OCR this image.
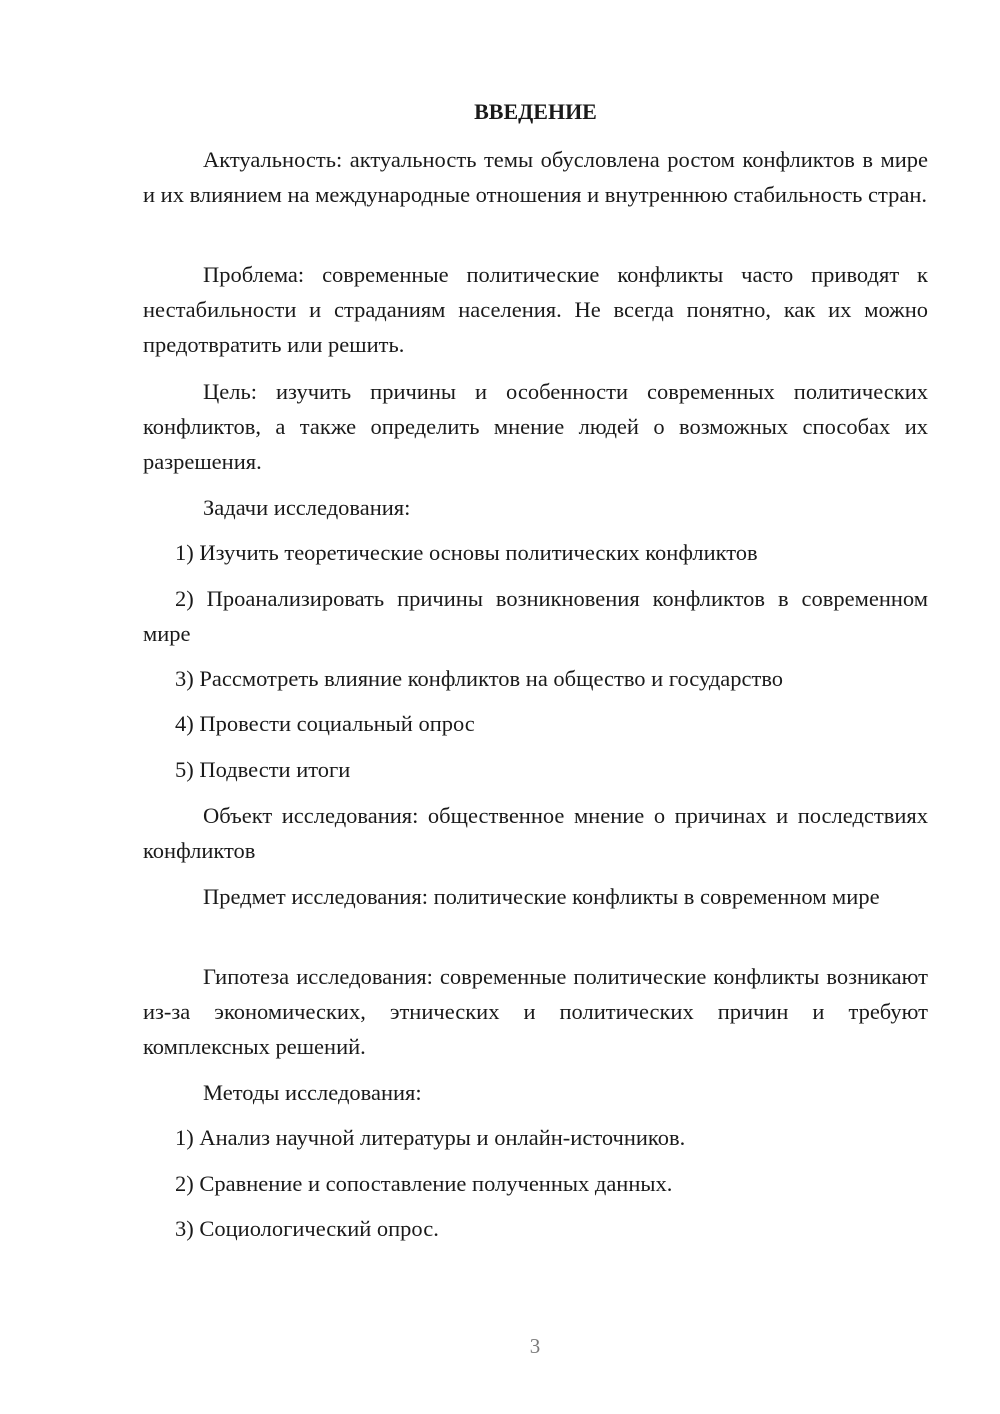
ВВЕДЕНИЕ

Актуальность: актуальность темы обусловлена ростом конфликтов в мире и их влиянием на международные отношения и внутреннюю стабильность стран.

Проблема: современные политические конфликты часто приводят к нестабильности и страданиям населения. Не всегда понятно, как их можно предотвратить или решить.

Цель: изучить причины и особенности современных политических конфликтов, а также определить мнение людей о возможных способах их разрешения.

Задачи исследования:

1) Изучить теоретические основы политических конфликтов

2) Проанализировать причины возникновения конфликтов в современном мире

3) Рассмотреть влияние конфликтов на общество и государство

4) Провести социальный опрос

5) Подвести итоги

Объект исследования: общественное мнение о причинах и последствиях конфликтов

Предмет исследования: политические конфликты в современном мире

Гипотеза исследования: современные политические конфликты возникают из-за экономических, этнических и политических причин и требуют комплексных решений.

Методы исследования:

1) Анализ научной литературы и онлайн-источников.

2) Сравнение и сопоставление полученных данных.

3) Социологический опрос.

3
